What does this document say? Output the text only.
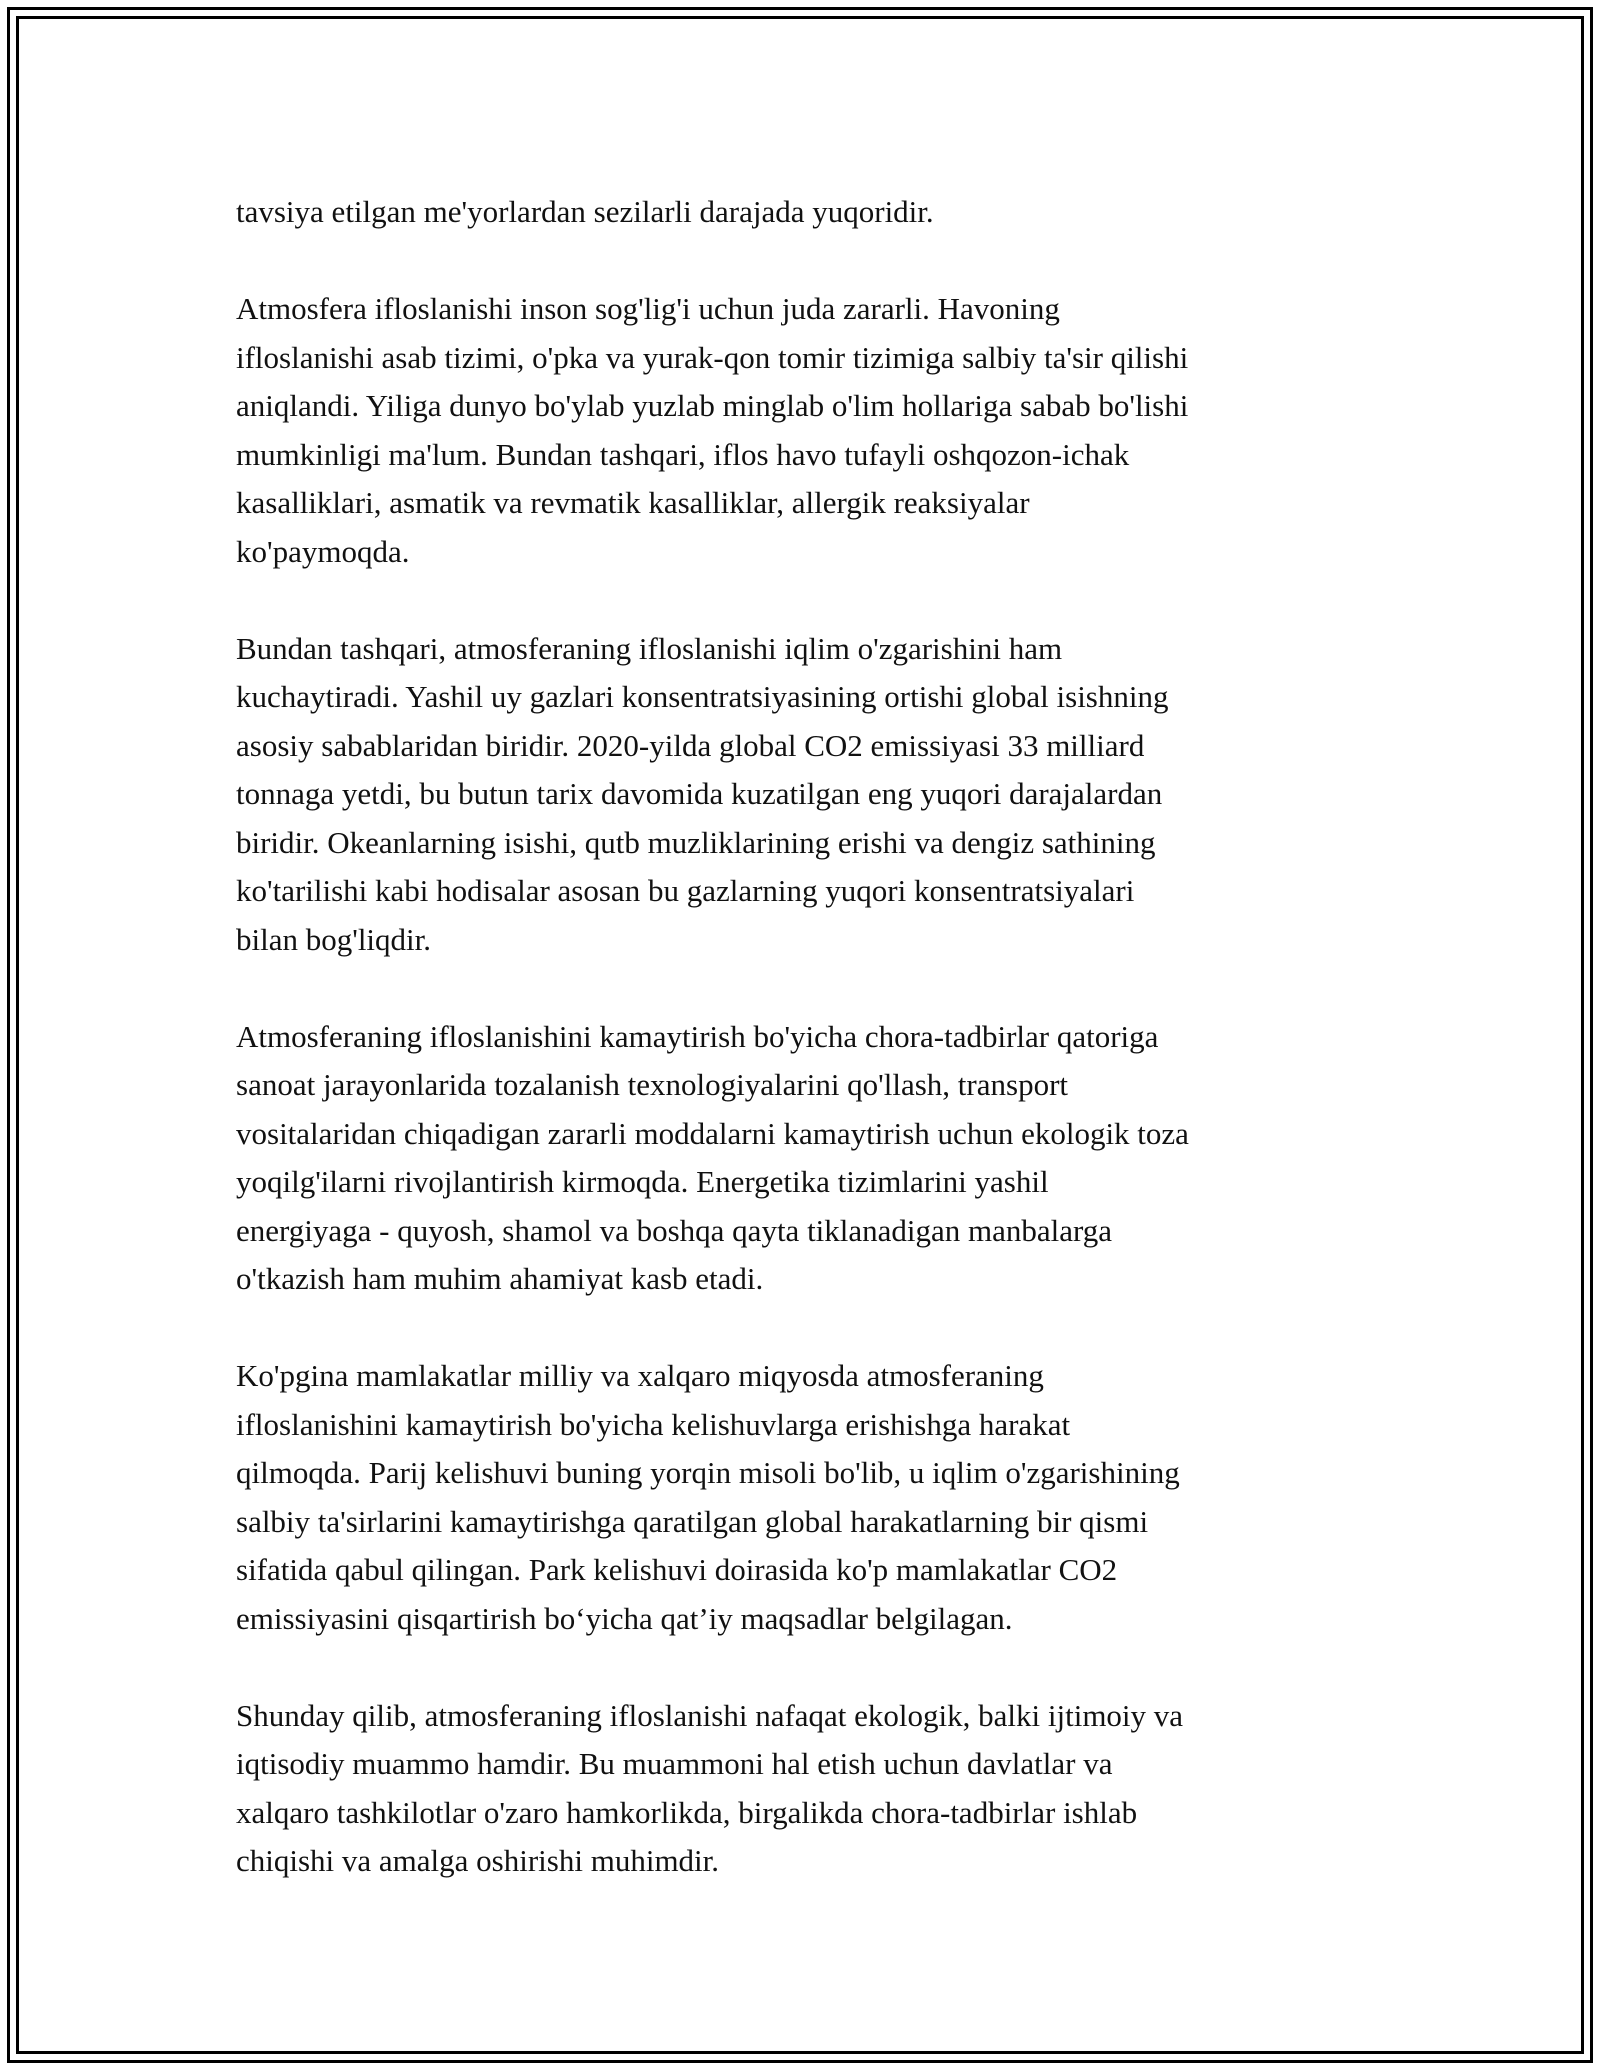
tavsiya etilgan me'yorlardan sezilarli darajada yuqoridir.

Atmosfera ifloslanishi inson sog'lig'i uchun juda zararli. Havoning
ifloslanishi asab tizimi, o'pka va yurak-qon tomir tizimiga salbiy ta'sir qilishi
aniqlandi. Yiliga dunyo bo'ylab yuzlab minglab o'lim hollariga sabab bo'lishi
mumkinligi ma'lum. Bundan tashqari, iflos havo tufayli oshqozon-ichak
kasalliklari, asmatik va revmatik kasalliklar, allergik reaksiyalar
ko'paymoqda.

Bundan tashqari, atmosferaning ifloslanishi iqlim o'zgarishini ham
kuchaytiradi. Yashil uy gazlari konsentratsiyasining ortishi global isishning
asosiy sabablaridan biridir. 2020-yilda global CO2 emissiyasi 33 milliard
tonnaga yetdi, bu butun tarix davomida kuzatilgan eng yuqori darajalardan
biridir. Okeanlarning isishi, qutb muzliklarining erishi va dengiz sathining
ko'tarilishi kabi hodisalar asosan bu gazlarning yuqori konsentratsiyalari
bilan bog'liqdir.

Atmosferaning ifloslanishini kamaytirish bo'yicha chora-tadbirlar qatoriga
sanoat jarayonlarida tozalanish texnologiyalarini qo'llash, transport
vositalaridan chiqadigan zararli moddalarni kamaytirish uchun ekologik toza
yoqilg'ilarni rivojlantirish kirmoqda. Energetika tizimlarini yashil
energiyaga - quyosh, shamol va boshqa qayta tiklanadigan manbalarga
o'tkazish ham muhim ahamiyat kasb etadi.

Ko'pgina mamlakatlar milliy va xalqaro miqyosda atmosferaning
ifloslanishini kamaytirish bo'yicha kelishuvlarga erishishga harakat
qilmoqda. Parij kelishuvi buning yorqin misoli bo'lib, u iqlim o'zgarishining
salbiy ta'sirlarini kamaytirishga qaratilgan global harakatlarning bir qismi
sifatida qabul qilingan. Park kelishuvi doirasida ko'p mamlakatlar CO2
emissiyasini qisqartirish bo‘yicha qat’iy maqsadlar belgilagan.

Shunday qilib, atmosferaning ifloslanishi nafaqat ekologik, balki ijtimoiy va
iqtisodiy muammo hamdir. Bu muammoni hal etish uchun davlatlar va
xalqaro tashkilotlar o'zaro hamkorlikda, birgalikda chora-tadbirlar ishlab
chiqishi va amalga oshirishi muhimdir.
